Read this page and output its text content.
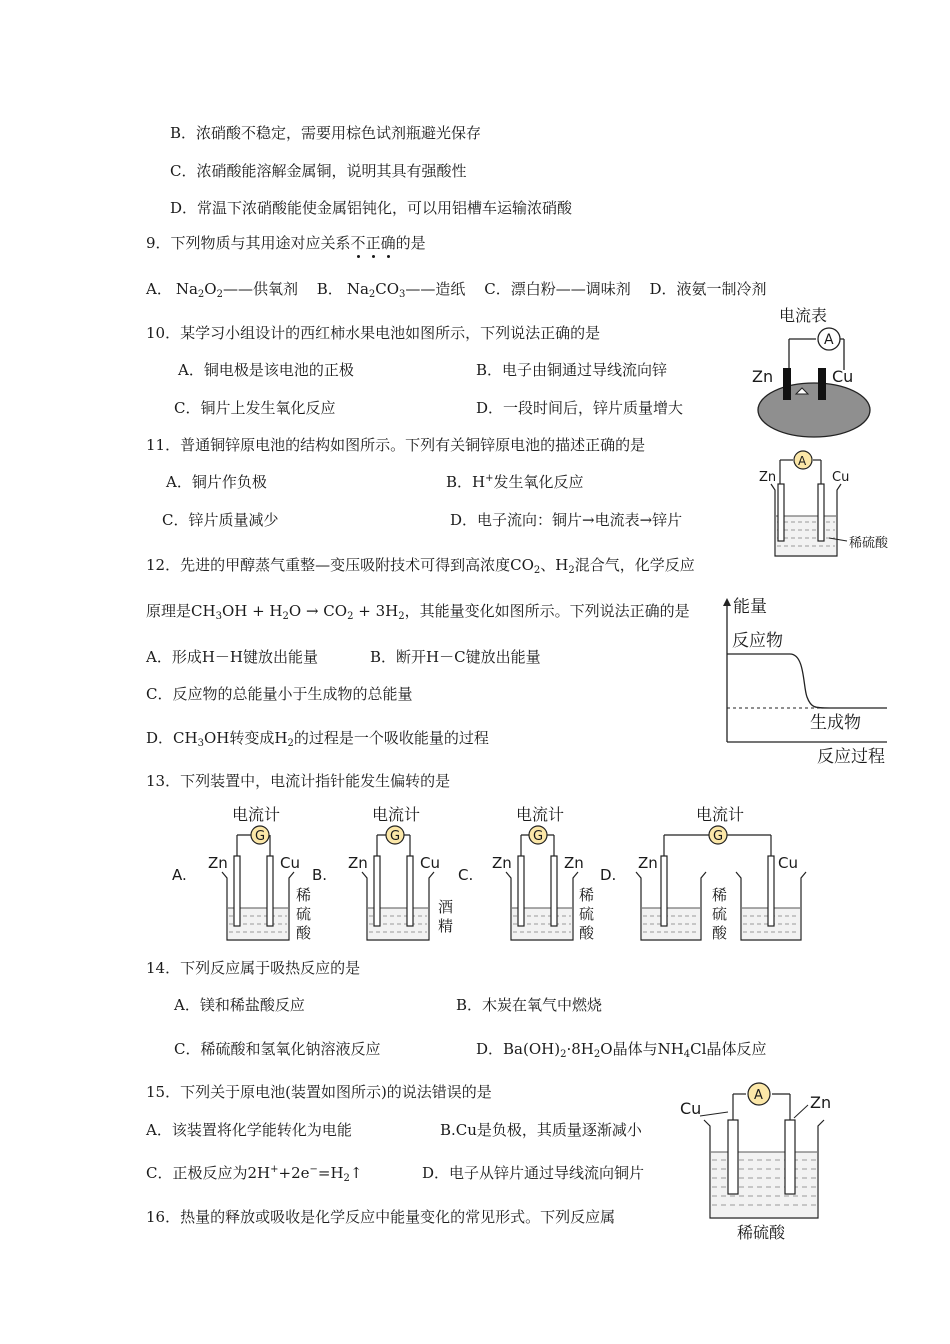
B．浓硝酸不稳定，需要用棕色试剂瓶避光保存
C．浓硝酸能溶解金属铜，说明其具有强酸性
D．常温下浓硝酸能使金属铝钝化，可以用铝槽车运输浓硝酸
9．下列物质与其用途对应关系不正确的是
A． $Na_2O_2——$供氧剂 B． $Na_2CO_3——$造纸 C．漂白粉——调味剂 D．液氨一制冷剂
10．某学习小组设计的西红柿水果电池如图所示，下列说法正确的是
A．铜电极是该电池的正极	B．电子由铜通过导线流向锌
C．铜片上发生氧化反应	D．一段时间后，锌片质量增大
电流表
A
Zn	Cu
11．普通铜锌原电池的结构如图所示。下列有关铜锌原电池的描述正确的是
A．铜片作负极	B．H+发生氧化反应
C．锌片质量减少	D．电子流向：铜片→电流表→锌片
A
Zn	Cu
稀硫酸
12．先进的甲醇蒸气重整—变压吸附技术可得到高浓度$CO_2$、$H_2$混合气，化学反应
原理是$CH_3OH + H_2O \to CO_2 + 3H_2$，其能量变化如图所示。下列说法正确的是
A．形成H－H键放出能量	B．断开H－C键放出能量
C．反应物的总能量小于生成物的总能量
D．$CH_3OH$转变成$H_2$的过程是一个吸收能量的过程
能量
反应物
生成物
反应过程
13．下列装置中，电流计指针能发生偏转的是
A.
电流计
G
Zn	Cu
稀
硫
酸
B.
电流计
G
Zn	Cu
酒
精
C.
电流计
G
Zn	Zn
稀
硫
酸
D.
电流计
G
Zn	Cu
稀
硫
酸
14．下列反应属于吸热反应的是
A．镁和稀盐酸反应	B．木炭在氧气中燃烧
C．稀硫酸和氢氧化钠溶液反应	D．$Ba(OH)_2\cdot 8H_2O$晶体与$NH_4Cl$晶体反应
15．下列关于原电池(装置如图所示)的说法错误的是
A．该装置将化学能转化为电能	B.Cu是负极，其质量逐渐减小
C．正极反应为$2H^++2e^-=H_2↑$	D．电子从锌片通过导线流向铜片
Cu	Zn
A
稀硫酸
16．热量的释放或吸收是化学反应中能量变化的常见形式。下列反应属
